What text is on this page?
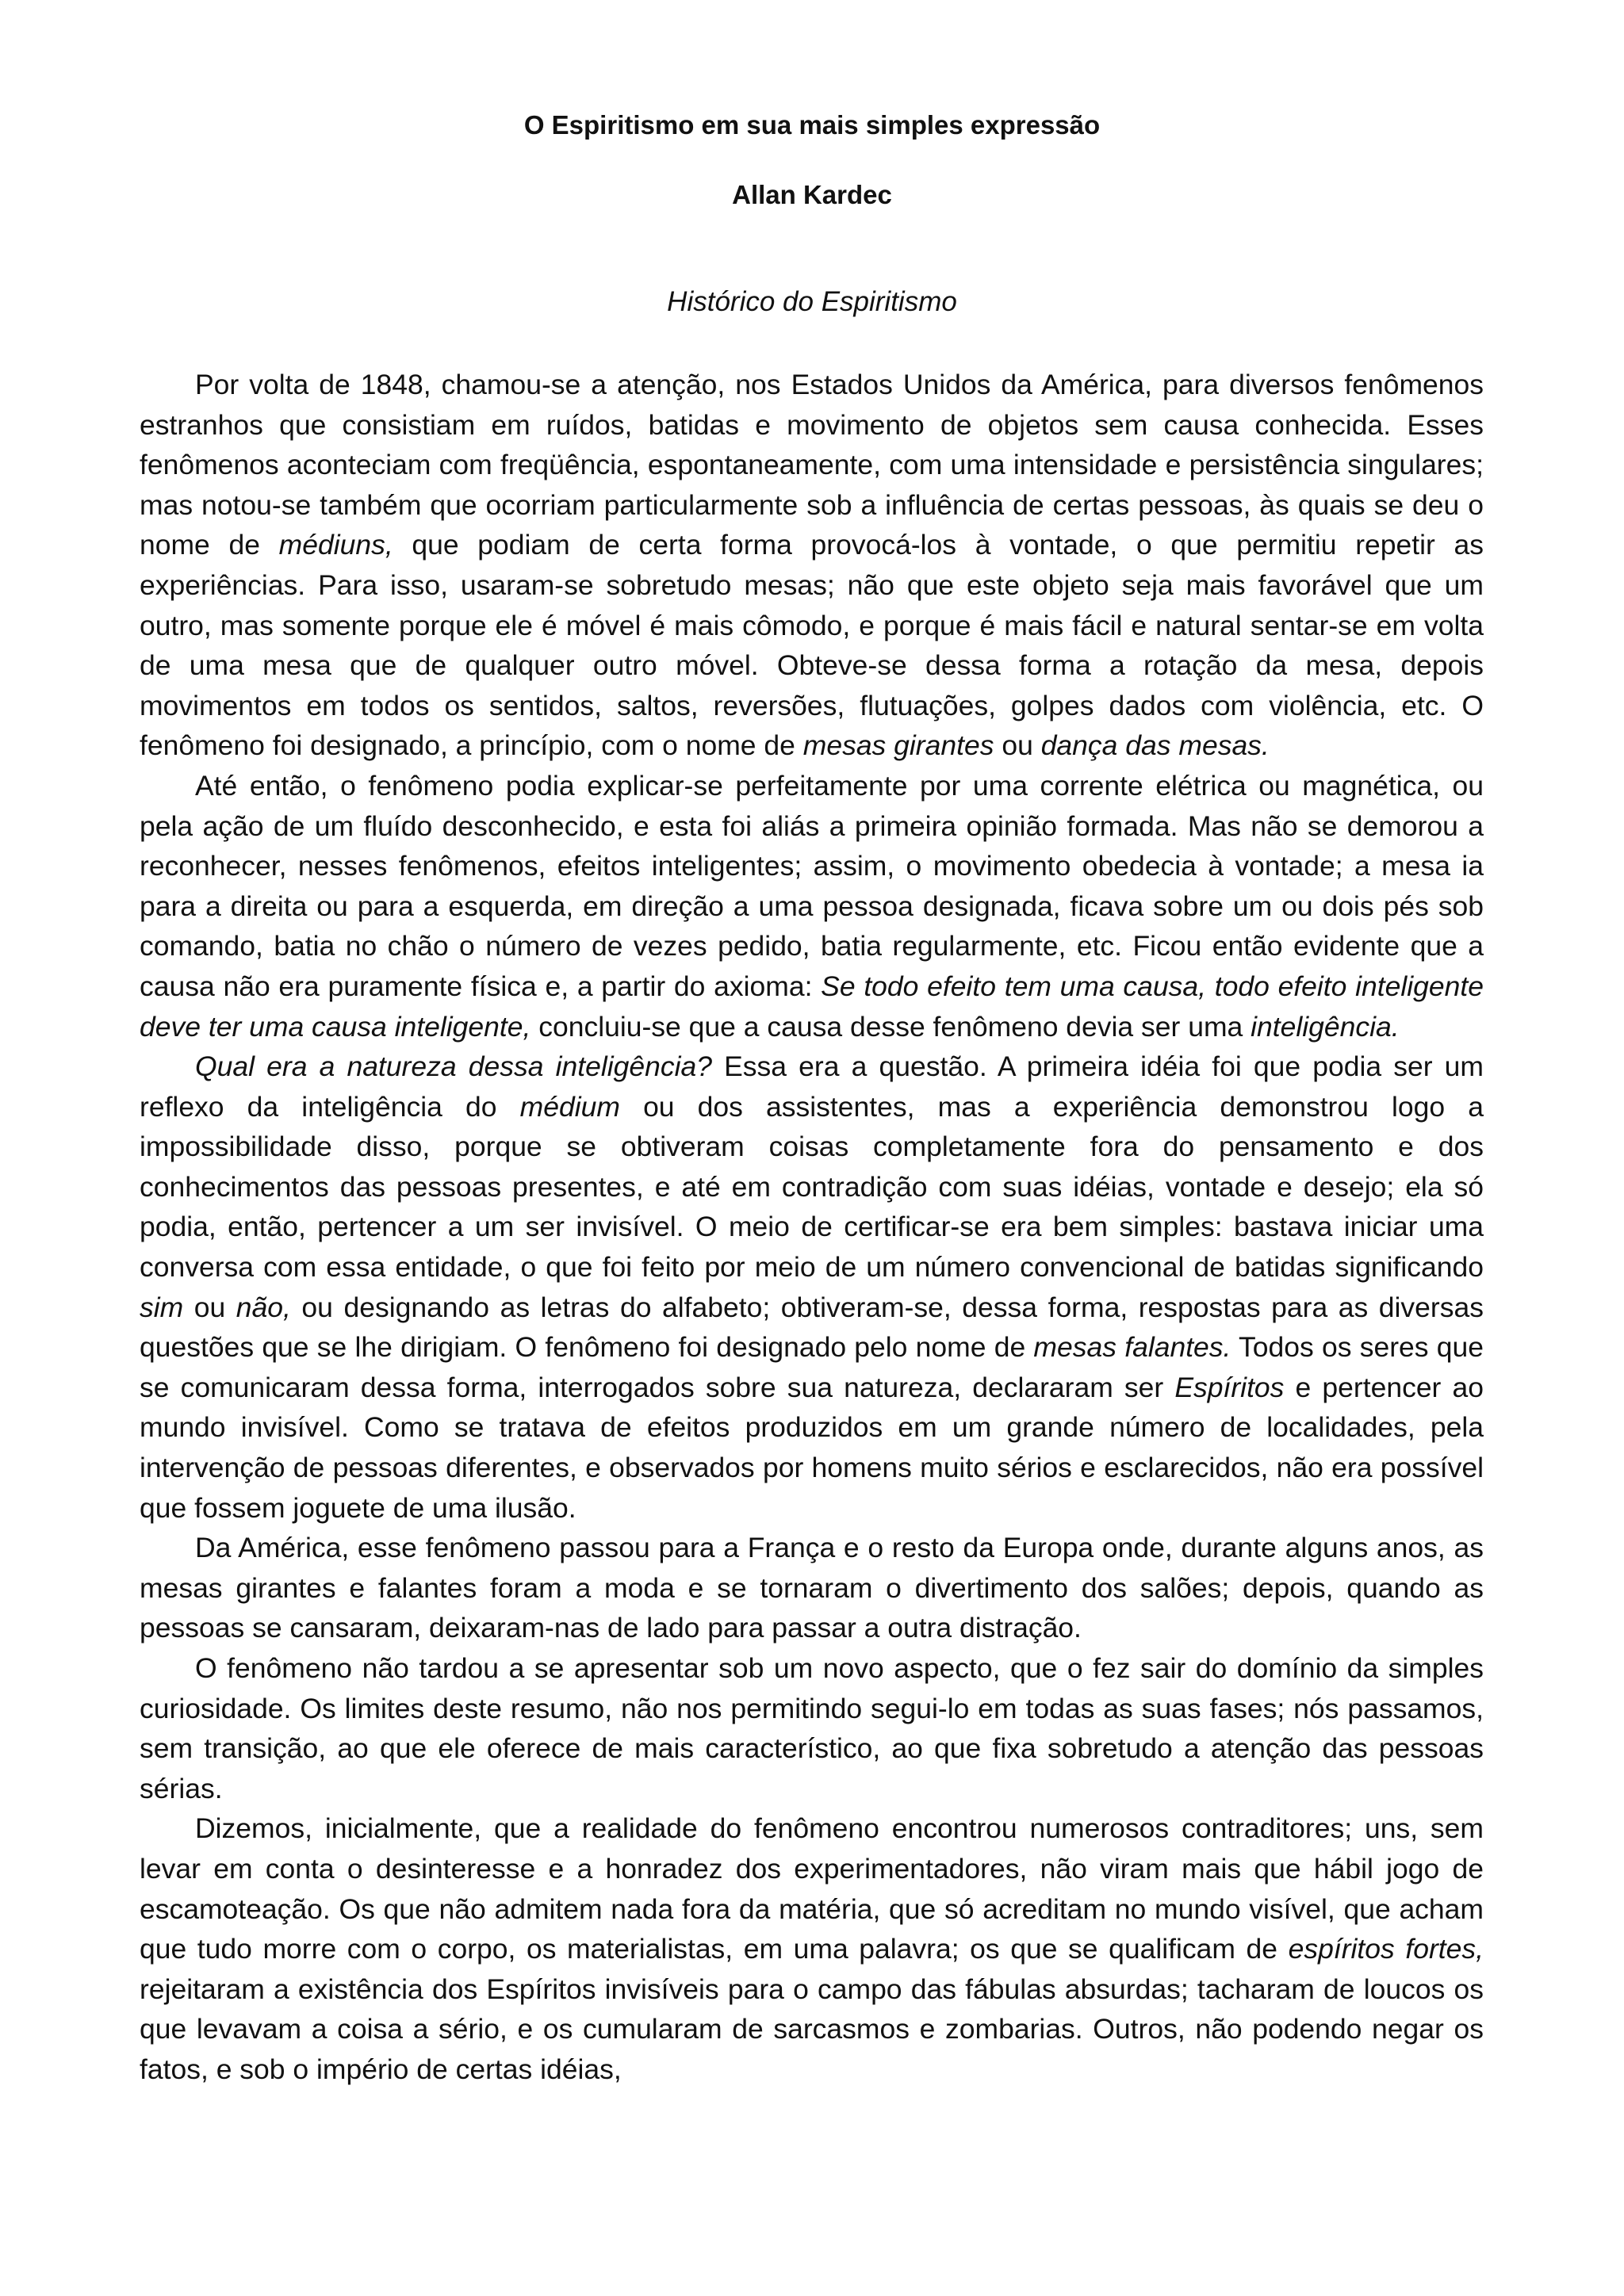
O Espiritismo em sua mais simples expressão
Allan Kardec
Histórico do Espiritismo

Por volta de 1848, chamou-se a atenção, nos Estados Unidos da América, para diversos fenômenos estranhos que consistiam em ruídos, batidas e movimento de objetos sem causa conhecida. Esses fenômenos aconteciam com freqüência, espontaneamente, com uma intensidade e persistência singulares; mas notou-se também que ocorriam particularmente sob a influência de certas pessoas, às quais se deu o nome de médiuns, que podiam de certa forma provocá-los à vontade, o que permitiu repetir as experiências. Para isso, usaram-se sobretudo mesas; não que este objeto seja mais favorável que um outro, mas somente porque ele é móvel é mais cômodo, e porque é mais fácil e natural sentar-se em volta de uma mesa que de qualquer outro móvel. Obteve-se dessa forma a rotação da mesa, depois movimentos em todos os sentidos, saltos, reversões, flutuações, golpes dados com violência, etc. O fenômeno foi designado, a princípio, com o nome de mesas girantes ou dança das mesas.

Até então, o fenômeno podia explicar-se perfeitamente por uma corrente elétrica ou magnética, ou pela ação de um fluído desconhecido, e esta foi aliás a primeira opinião formada. Mas não se demorou a reconhecer, nesses fenômenos, efeitos inteligentes; assim, o movimento obedecia à vontade; a mesa ia para a direita ou para a esquerda, em direção a uma pessoa designada, ficava sobre um ou dois pés sob comando, batia no chão o número de vezes pedido, batia regularmente, etc. Ficou então evidente que a causa não era puramente física e, a partir do axioma: Se todo efeito tem uma causa, todo efeito inteligente deve ter uma causa inteligente, concluiu-se que a causa desse fenômeno devia ser uma inteligência.

Qual era a natureza dessa inteligência? Essa era a questão. A primeira idéia foi que podia ser um reflexo da inteligência do médium ou dos assistentes, mas a experiência demonstrou logo a impossibilidade disso, porque se obtiveram coisas completamente fora do pensamento e dos conhecimentos das pessoas presentes, e até em contradição com suas idéias, vontade e desejo; ela só podia, então, pertencer a um ser invisível. O meio de certificar-se era bem simples: bastava iniciar uma conversa com essa entidade, o que foi feito por meio de um número convencional de batidas significando sim ou não, ou designando as letras do alfabeto; obtiveram-se, dessa forma, respostas para as diversas questões que se lhe dirigiam. O fenômeno foi designado pelo nome de mesas falantes. Todos os seres que se comunicaram dessa forma, interrogados sobre sua natureza, declararam ser Espíritos e pertencer ao mundo invisível. Como se tratava de efeitos produzidos em um grande número de localidades, pela intervenção de pessoas diferentes, e observados por homens muito sérios e esclarecidos, não era possível que fossem joguete de uma ilusão.

Da América, esse fenômeno passou para a França e o resto da Europa onde, durante alguns anos, as mesas girantes e falantes foram a moda e se tornaram o divertimento dos salões; depois, quando as pessoas se cansaram, deixaram-nas de lado para passar a outra distração.

O fenômeno não tardou a se apresentar sob um novo aspecto, que o fez sair do domínio da simples curiosidade. Os limites deste resumo, não nos permitindo segui-lo em todas as suas fases; nós passamos, sem transição, ao que ele oferece de mais característico, ao que fixa sobretudo a atenção das pessoas sérias.

Dizemos, inicialmente, que a realidade do fenômeno encontrou numerosos contraditores; uns, sem levar em conta o desinteresse e a honradez dos experimentadores, não viram mais que hábil jogo de escamoteação. Os que não admitem nada fora da matéria, que só acreditam no mundo visível, que acham que tudo morre com o corpo, os materialistas, em uma palavra; os que se qualificam de espíritos fortes, rejeitaram a existência dos Espíritos invisíveis para o campo das fábulas absurdas; tacharam de loucos os que levavam a coisa a sério, e os cumularam de sarcasmos e zombarias. Outros, não podendo negar os fatos, e sob o império de certas idéias,
